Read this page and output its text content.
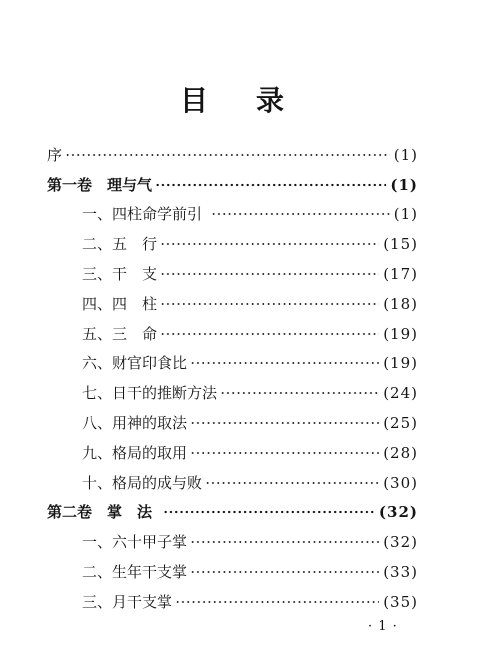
目录
序	(1)
第一卷　理与气	(1)
一、四柱命学前引	(1)
二、五　行	(15)
三、干　支	(17)
四、四　柱	(18)
五、三　命	(19)
六、财官印食比	(19)
七、日干的推断方法	(24)
八、用神的取法	(25)
九、格局的取用	(28)
十、格局的成与败	(30)
第二卷　掌　法	(32)
一、六十甲子掌	(32)
二、生年干支掌	(33)
三、月干支掌	(35)
· 1 ·
